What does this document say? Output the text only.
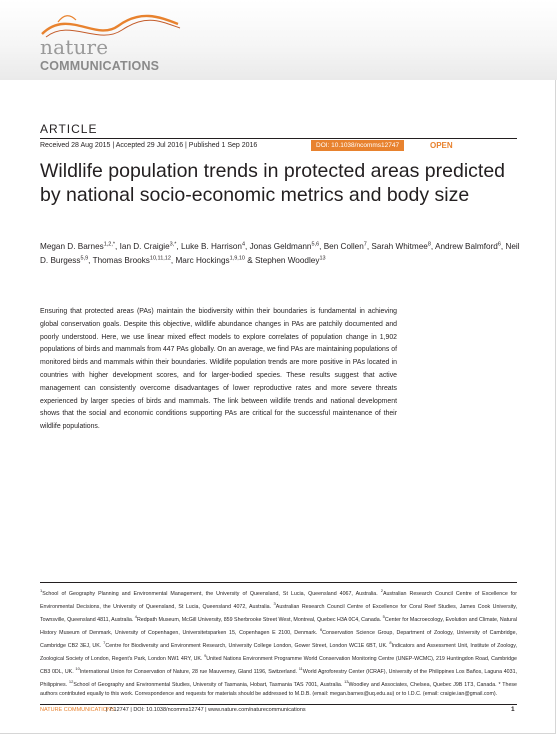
nature
COMMUNICATIONS
ARTICLE
Received 28 Aug 2015 | Accepted 29 Jul 2016 | Published 1 Sep 2016	DOI: 10.1038/ncomms12747	OPEN
Wildlife population trends in protected areas predicted by national socio-economic metrics and body size
Megan D. Barnes$^{1,2,*}$, Ian D. Craigie$^{3,*}$, Luke B. Harrison$^4$, Jonas Geldmann$^{5,6}$, Ben Collen$^7$, Sarah Whitmee$^8$, Andrew Balmford$^6$, Neil D. Burgess$^{5,9}$, Thomas Brooks$^{10,11,12}$, Marc Hockings$^{1,9,10}$ & Stephen Woodley$^{13}$

Ensuring that protected areas (PAs) maintain the biodiversity within their boundaries is fundamental in achieving global conservation goals. Despite this objective, wildlife abundance changes in PAs are patchily documented and poorly understood. Here, we use linear mixed effect models to explore correlates of population change in 1,902 populations of birds and mammals from 447 PAs globally. On an average, we find PAs are maintaining populations of monitored birds and mammals within their boundaries. Wildlife population trends are more positive in PAs located in countries with higher development scores, and for larger-bodied species. These results suggest that active management can consistently overcome disadvantages of lower reproductive rates and more severe threats experienced by larger species of birds and mammals. The link between wildlife trends and national development shows that the social and economic conditions supporting PAs are critical for the successful maintenance of their wildlife populations.

$^1$School of Geography Planning and Environmental Management, the University of Queensland, St Lucia, Queensland 4067, Australia. $^2$Australian Research Council Centre of Excellence for Environmental Decisions, the University of Queensland, St Lucia, Queensland 4072, Australia. $^3$Australian Research Council Centre of Excellence for Coral Reef Studies, James Cook University, Townsville, Queensland 4811, Australia. $^4$Redpath Museum, McGill University, 859 Sherbrooke Street West, Montreal, Quebec H3A 0C4, Canada. $^5$Center for Macroecology, Evolution and Climate, Natural History Museum of Denmark, University of Copenhagen, Universitetsparken 15, Copenhagen E 2100, Denmark. $^6$Conservation Science Group, Department of Zoology, University of Cambridge, Cambridge CB2 3EJ, UK. $^7$Centre for Biodiversity and Environment Research, University College London, Gower Street, London WC1E 6BT, UK. $^8$Indicators and Assessment Unit, Institute of Zoology, Zoological Society of London, Regent's Park, London NW1 4RY, UK. $^9$United Nations Environment Programme World Conservation Monitoring Centre (UNEP-WCMC), 219 Huntingdon Road, Cambridge CB3 0DL, UK. $^{10}$International Union for Conservation of Nature, 28 rue Mauverney, Gland 1196, Switzerland. $^{11}$World Agroforestry Center (ICRAF), University of the Philippines Los Baños, Laguna 4031, Philippines. $^{12}$School of Geography and Environmental Studies, University of Tasmania, Hobart, Tasmania TAS 7001, Australia. $^{13}$Woodley and Associates, Chelsea, Quebec J9B 1T3, Canada. * These authors contributed equally to this work. Correspondence and requests for materials should be addressed to M.D.B. (email: megan.barnes@uq.edu.au) or to I.D.C. (email: craigie.ian@gmail.com).
NATURE COMMUNICATIONS
| 7:12747 | DOI: 10.1038/ncomms12747 | www.nature.com/naturecommunications	1
